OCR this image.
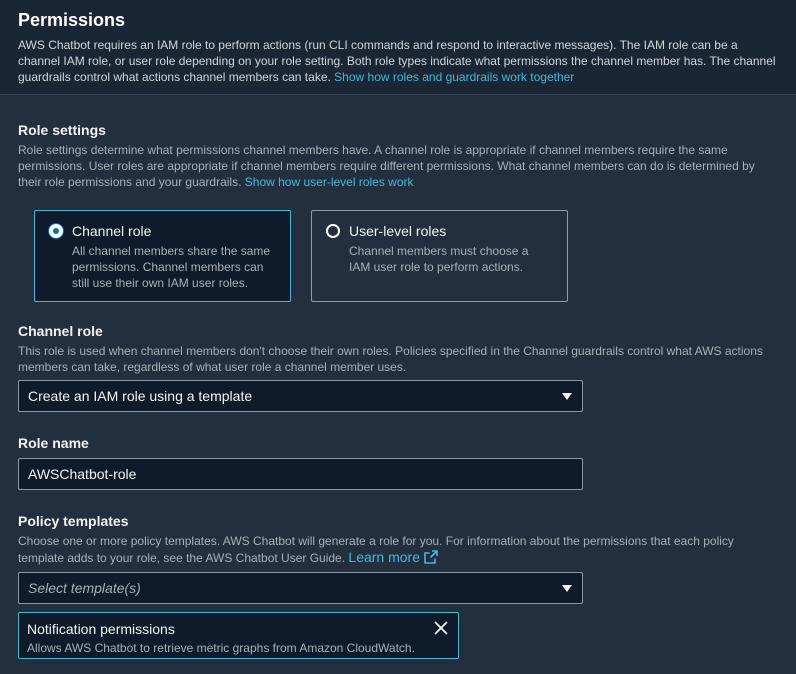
Permissions
AWS Chatbot requires an IAM role to perform actions (run CLI commands and respond to interactive messages). The IAM role can be a channel IAM role, or user role depending on your role setting. Both role types indicate what permissions the channel member has. The channel guardrails control what actions channel members can take. Show how roles and guardrails work together
Role settings
Role settings determine what permissions channel members have. A channel role is appropriate if channel members require the same permissions. User roles are appropriate if channel members require different permissions. What channel members can do is determined by their role permissions and your guardrails. Show how user-level roles work
Channel role
All channel members share the same permissions. Channel members can still use their own IAM user roles.
User-level roles
Channel members must choose a IAM user role to perform actions.
Channel role
This role is used when channel members don't choose their own roles. Policies specified in the Channel guardrails control what AWS actions members can take, regardless of what user role a channel member uses.
Create an IAM role using a template
Role name
AWSChatbot-role
Policy templates
Choose one or more policy templates. AWS Chatbot will generate a role for you. For information about the permissions that each policy template adds to your role, see the AWS Chatbot User Guide. Learn more
Select template(s)
Notification permissions
Allows AWS Chatbot to retrieve metric graphs from Amazon CloudWatch.
